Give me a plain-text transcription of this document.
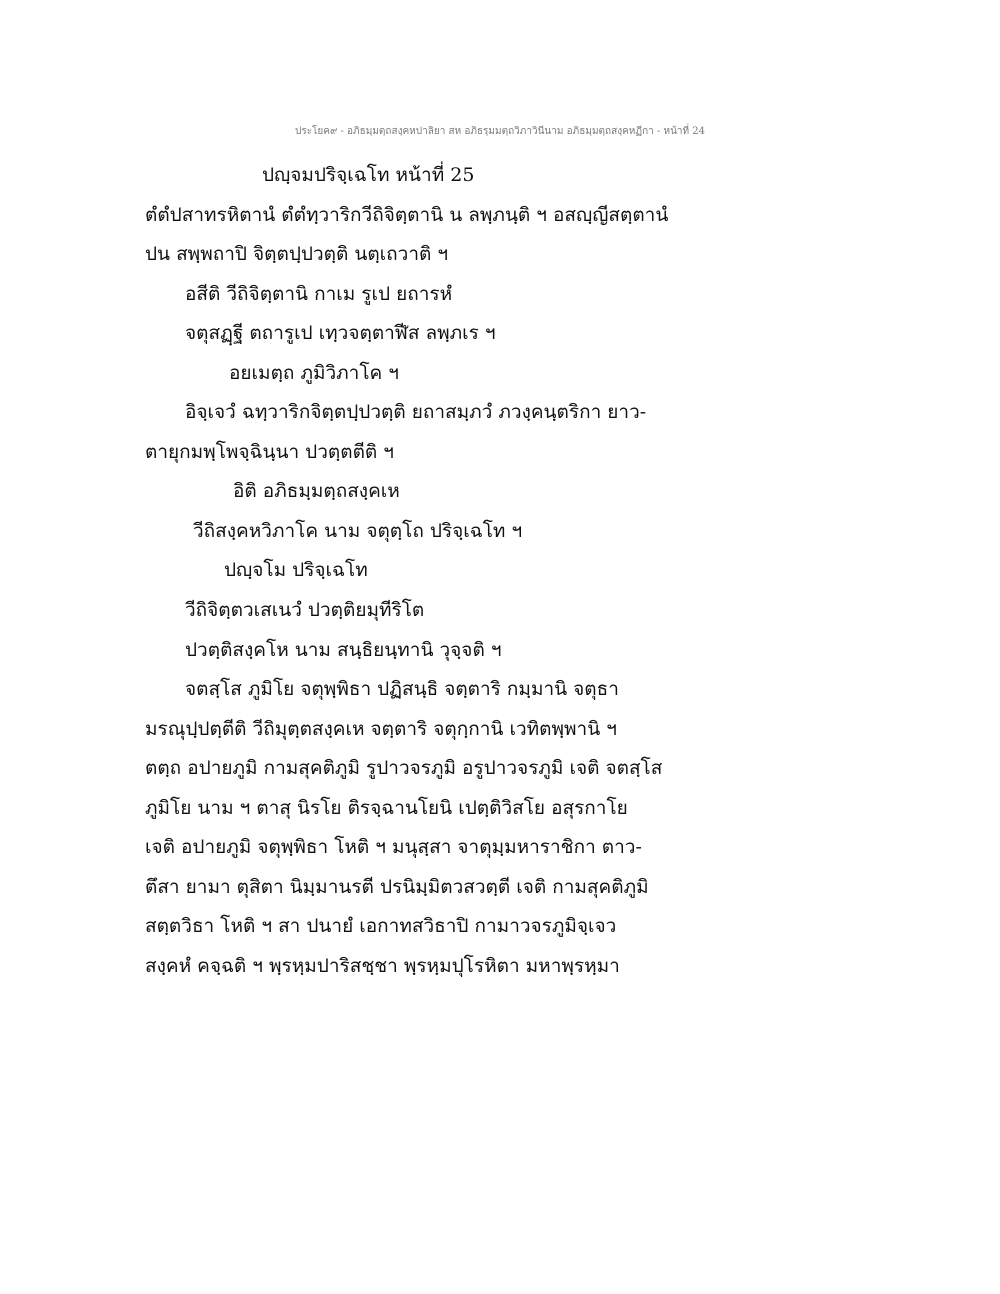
ประโยค๙ - อภิธมฺมตฺถสงฺคหปาลิยา สห อภิธรฺมมตฺถวิภาวินีนาม อภิธมฺมตฺถสงฺคหฏีกา - หน้าที่ 24
ปญฺจมปริจฺเฉโท หน้าที่ 25
ตํตํปสาทรหิตานํ ตํตํทฺวาริกวีถิจิตฺตานิ น ลพฺภนฺติ ฯ อสญฺญีสตฺตานํ
ปน สพฺพถาปิ จิตฺตปฺปวตฺติ นตฺเถวาติ ฯ
อสีติ วีถิจิตฺตานิ กาเม รูเป ยถารหํ
จตุสฏฺฐี ตถารูเป เทฺวจตฺตาฬีส ลพฺภเร ฯ
อยเมตฺถ ภูมิวิภาโค ฯ
อิจฺเจวํ ฉทฺวาริกจิตฺตปฺปวตฺติ ยถาสมฺภวํ ภวงฺคนฺตริกา ยาว-
ตายุกมพฺโพจฺฉินฺนา ปวตฺตตีติ ฯ
อิติ อภิธมฺมตฺถสงฺคเห
วีถิสงฺคหวิภาโค นาม จตุตฺโถ ปริจฺเฉโท ฯ
ปญฺจโม ปริจฺเฉโท
วีถิจิตฺตวเสเนวํ ปวตฺติยมุทีริโต
ปวตฺติสงฺคโห นาม สนฺธิยนฺทานิ วุจฺจติ ฯ
จตสฺโส ภูมิโย จตุพฺพิธา ปฏิสนฺธิ จตฺตาริ กมฺมานิ จตุธา
มรณุปฺปตฺตีติ วีถิมุตฺตสงฺคเห จตฺตาริ จตุกฺกานิ เวทิตพฺพานิ ฯ
ตตฺถ อปายภูมิ กามสุคติภูมิ รูปาวจรภูมิ อรูปาวจรภูมิ เจติ จตสฺโส
ภูมิโย นาม ฯ ตาสุ นิรโย ติรจฺฉานโยนิ เปตฺติวิสโย อสุรกาโย
เจติ อปายภูมิ จตุพฺพิธา โหติ ฯ มนุสฺสา จาตุมฺมหาราชิกา ตาว-
ตึสา ยามา ตุสิตา นิมฺมานรตี ปรนิมฺมิตวสวตฺตี เจติ กามสุคติภูมิ
สตฺตวิธา โหติ ฯ สา ปนายํ เอกาทสวิธาปิ กามาวจรภูมิจฺเจว
สงฺคหํ คจฺฉติ ฯ พฺรหฺมปาริสชฺชา พฺรหฺมปุโรหิตา มหาพฺรหฺมา
